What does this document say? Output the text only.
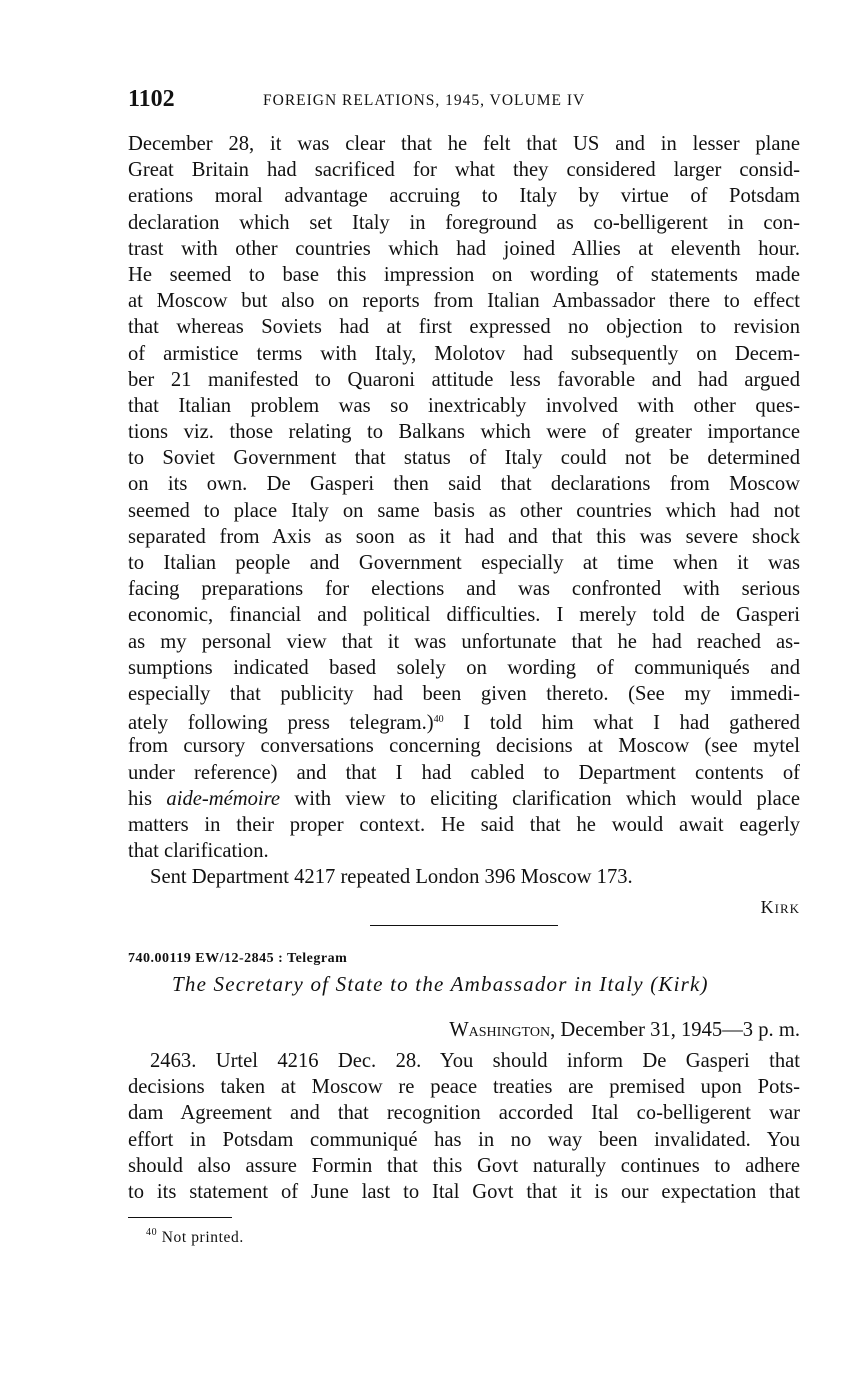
1102	FOREIGN RELATIONS, 1945, VOLUME IV
December 28, it was clear that he felt that US and in lesser plane
Great Britain had sacrificed for what they considered larger consid-
erations moral advantage accruing to Italy by virtue of Potsdam
declaration which set Italy in foreground as co-belligerent in con-
trast with other countries which had joined Allies at eleventh hour.
He seemed to base this impression on wording of statements made
at Moscow but also on reports from Italian Ambassador there to effect
that whereas Soviets had at first expressed no objection to revision
of armistice terms with Italy, Molotov had subsequently on Decem-
ber 21 manifested to Quaroni attitude less favorable and had argued
that Italian problem was so inextricably involved with other ques-
tions viz. those relating to Balkans which were of greater importance
to Soviet Government that status of Italy could not be determined
on its own. De Gasperi then said that declarations from Moscow
seemed to place Italy on same basis as other countries which had not
separated from Axis as soon as it had and that this was severe shock
to Italian people and Government especially at time when it was
facing preparations for elections and was confronted with serious
economic, financial and political difficulties. I merely told de Gasperi
as my personal view that it was unfortunate that he had reached as-
sumptions indicated based solely on wording of communiqués and
especially that publicity had been given thereto. (See my immedi-
ately following press telegram.)$^{40}$ I told him what I had gathered
from cursory conversations concerning decisions at Moscow (see mytel
under reference) and that I had cabled to Department contents of
his aide-mémoire with view to eliciting clarification which would place
matters in their proper context. He said that he would await eagerly
that clarification.
Sent Department 4217 repeated London 396 Moscow 173.
Kirk
740.00119 EW/12-2845 : Telegram
The Secretary of State to the Ambassador in Italy (Kirk)
Washington, December 31, 1945—3 p. m.
2463. Urtel 4216 Dec. 28. You should inform De Gasperi that
decisions taken at Moscow re peace treaties are premised upon Pots-
dam Agreement and that recognition accorded Ital co-belligerent war
effort in Potsdam communiqué has in no way been invalidated. You
should also assure Formin that this Govt naturally continues to adhere
to its statement of June last to Ital Govt that it is our expectation that
$^{40}$ Not printed.
